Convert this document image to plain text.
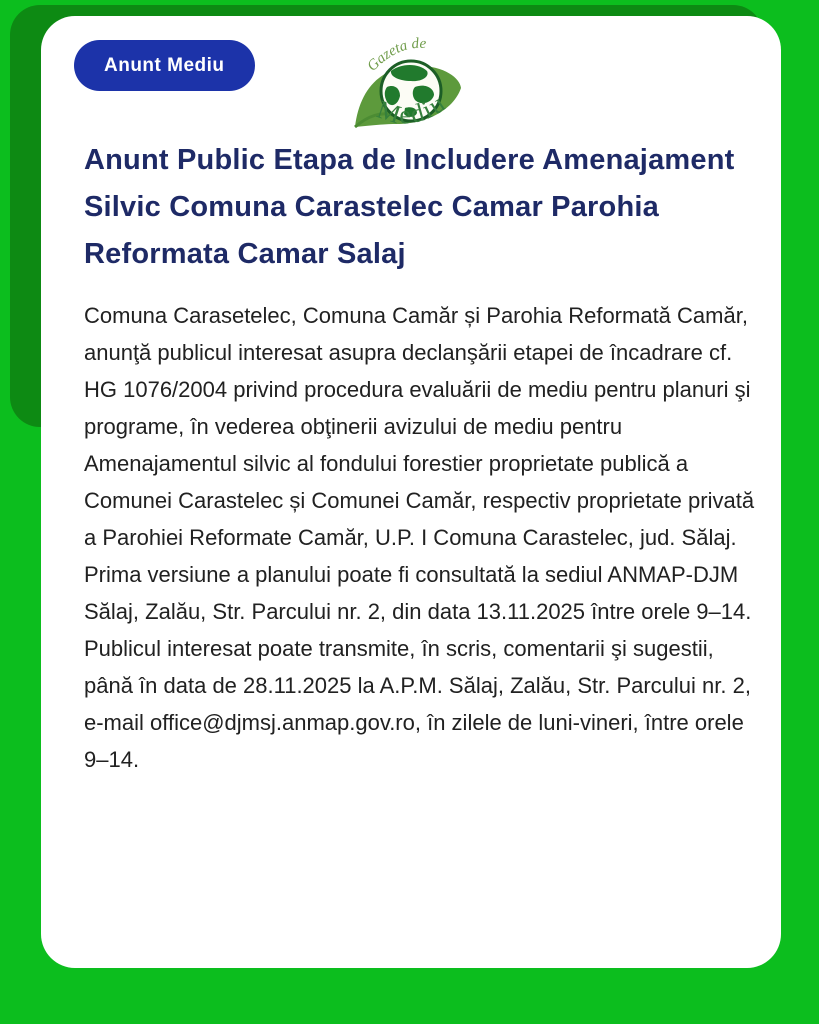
Anunt Mediu	Gazeta de
Mediu
Anunt Public Etapa de Includere Amenajament Silvic Comuna Carastelec Camar Parohia Reformata Camar Salaj

Comuna Carasetelec, Comuna Camăr și Parohia Reformată Camăr, anunţă publicul interesat asupra declanşării etapei de încadrare cf. HG 1076/2004 privind procedura evaluării de mediu pentru planuri şi programe, în vederea obţinerii avizului de mediu pentru Amenajamentul silvic al fondului forestier proprietate publică a Comunei Carastelec și Comunei Camăr, respectiv proprietate privată a Parohiei Reformate Camăr, U.P. I Comuna Carastelec, jud. Sălaj. Prima versiune a planului poate fi consultată la sediul ANMAP-DJM Sălaj, Zalău, Str. Parcului nr. 2, din data 13.11.2025 între orele 9–14. Publicul interesat poate transmite, în scris, comentarii şi sugestii, până în data de 28.11.2025 la A.P.M. Sălaj, Zalău, Str. Parcului nr. 2, e-mail office@djmsj.anmap.gov.ro, în zilele de luni-vineri, între orele 9–14.
